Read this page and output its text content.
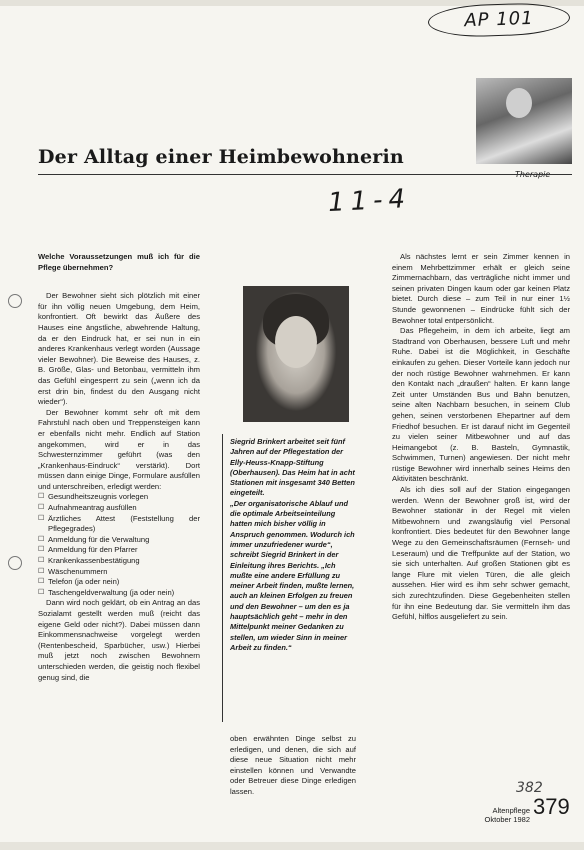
AP 101
Der Alltag einer Heimbewohnerin
11-4

Welche Voraussetzungen muß ich für die Pflege übernehmen?

Der Bewohner sieht sich plötzlich mit einer für ihn völlig neuen Umgebung, dem Heim, konfrontiert. Oft bewirkt das Äußere des Hauses eine ängstliche, abwehrende Haltung, da er den Eindruck hat, er sei nun in ein anderes Krankenhaus verlegt worden (Aussage vieler Bewohner). Die Beweise des Hauses, z. B. Größe, Glas- und Betonbau, vermitteln ihm das Gefühl eingesperrt zu sein („wenn ich da erst drin bin, findest du den Ausgang nicht wieder“).

Der Bewohner kommt sehr oft mit dem Fahrstuhl nach oben und Treppensteigen kann er ebenfalls nicht mehr. Endlich auf Station angekommen, wird er in das Schwesternzimmer geführt (was den „Krankenhaus-Eindruck“ verstärkt). Dort müssen dann einige Dinge, Formulare ausfüllen und unterschreiben, erledigt werden:

☐ Gesundheitszeugnis vorlegen
☐ Aufnahmeantrag ausfüllen
☐ Ärztliches Attest (Feststellung der Pflegegrades)
☐ Anmeldung für die Verwaltung
☐ Anmeldung für den Pfarrer
☐ Krankenkassenbestätigung
☐ Wäschenummern
☐ Telefon (ja oder nein)
☐ Taschengeldverwaltung (ja oder nein)

Dann wird noch geklärt, ob ein Antrag an das Sozialamt gestellt werden muß (reicht das eigene Geld oder nicht?). Dabei müssen dann Einkommensnachweise vorgelegt werden (Rentenbescheid, Sparbücher, usw.) Hierbei muß jetzt noch zwischen Bewohnern unterschieden werden, die geistig noch flexibel genug sind, die

Siegrid Brinkert arbeitet seit fünf Jahren auf der Pflegestation der Elly-Heuss-Knapp-Stiftung (Oberhausen). Das Heim hat in acht Stationen mit insgesamt 340 Betten eingeteilt.

„Der organisatorische Ablauf und die optimale Arbeitseinteilung hatten mich bisher völlig in Anspruch genommen. Wodurch ich immer unzufriedener wurde“, schreibt Siegrid Brinkert in der Einleitung ihres Berichts. „Ich mußte eine andere Erfüllung zu meiner Arbeit finden, mußte lernen, auch an kleinen Erfolgen zu freuen und den Bewohner – um den es ja hauptsächlich geht – mehr in den Mittelpunkt meiner Gedanken zu stellen, um wieder Sinn in meiner Arbeit zu finden.“

oben erwähnten Dinge selbst zu erledigen, und denen, die sich auf diese neue Situation nicht mehr einstellen können und Verwandte oder Betreuer diese Dinge erledigen lassen.

Als nächstes lernt er sein Zimmer kennen in einem Mehrbettzimmer erhält er gleich seine Zimmernachbarn, das verträgliche nicht immer und seinen privaten Dingen kaum oder gar keinen Platz bietet. Durch diese – zum Teil in nur einer 1½ Stunde gewonnenen – Eindrücke fühlt sich der Bewohner total entpersönlicht.

Das Pflegeheim, in dem ich arbeite, liegt am Stadtrand von Oberhausen, bessere Luft und mehr Ruhe. Dabei ist die Möglichkeit, in Geschäfte einkaufen zu gehen. Dieser Vorteile kann jedoch nur der noch rüstige Bewohner wahrnehmen. Er kann den Kontakt nach „draußen“ halten. Er kann lange Zeit unter Umständen Bus und Bahn benutzen, seine alten Nachbarn besuchen, in seinem Club gehen, seinen verstorbenen Ehepartner auf dem Friedhof besuchen. Er ist darauf nicht im Gegenteil zu vielen seiner Mitbewohner und auf das Heimangebot (z. B. Basteln, Gymnastik, Schwimmen, Turnen) angewiesen. Der nicht mehr rüstige Bewohner wird innerhalb seines Heims den Aktivitäten beschränkt.

Als ich dies soll auf der Station eingegangen werden. Wenn der Bewohner groß ist, wird der Bewohner stationär in der Regel mit vielen Mitbewohnern und zwangsläufig viel Personal konfrontiert. Dies bedeutet für den Bewohner lange Wege zu den Gemeinschaftsräumen (Fernseh- und Leseraum) und die Treffpunkte auf der Station, wo sie sich unterhalten. Auf großen Stationen gibt es lange Flure mit vielen Türen, die alle gleich aussehen. Hier wird es ihm sehr schwer gemacht, sich zurechtzufinden. Diese Gegebenheiten stellen für ihn eine Bedeutung dar. Sie vermitteln ihm das Gefühl, hilflos ausgeliefert zu sein.

382
Altenpflege
Oktober 1982
379
